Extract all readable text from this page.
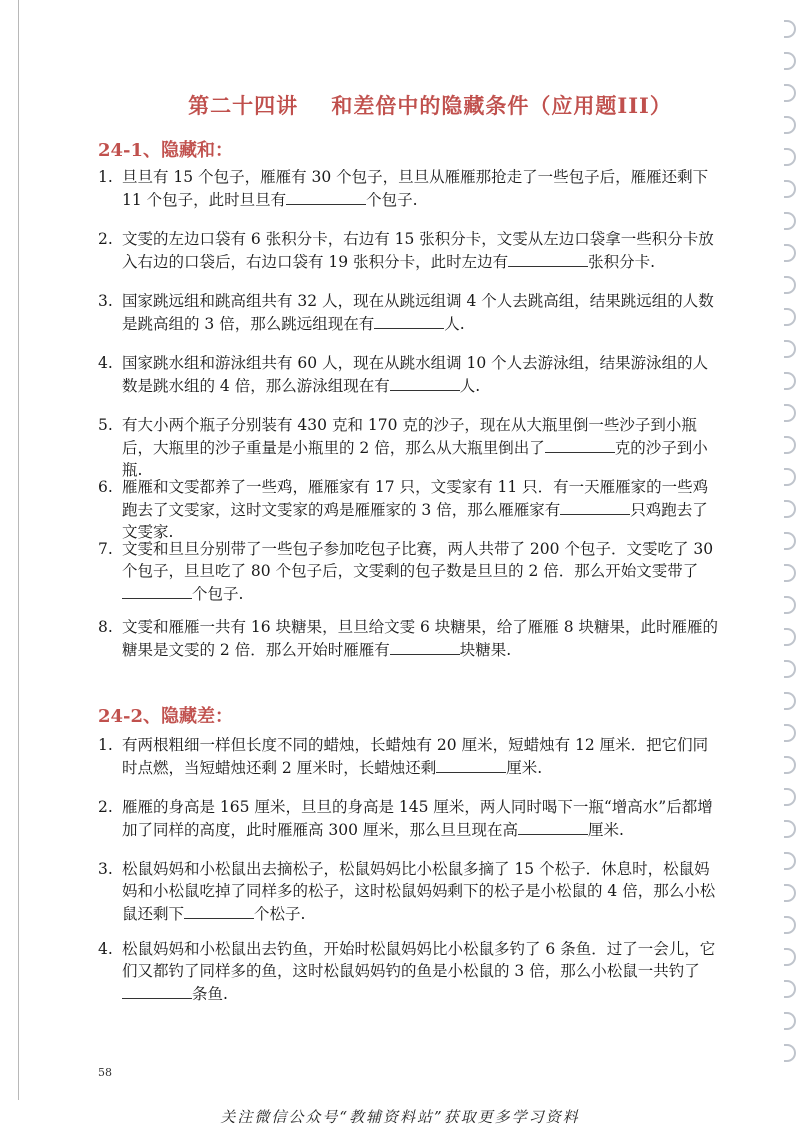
第二十四讲    和差倍中的隐藏条件（应用题III）
24-1、隐藏和：
1. 旦旦有 15 个包子，雁雁有 30 个包子，旦旦从雁雁那抢走了一些包子后，雁雁还剩下 11 个包子，此时旦旦有	个包子.
2. 文雯的左边口袋有 6 张积分卡，右边有 15 张积分卡，文雯从左边口袋拿一些积分卡放入右边的口袋后，右边口袋有 19 张积分卡，此时左边有	张积分卡.
3. 国家跳远组和跳高组共有 32 人，现在从跳远组调 4 个人去跳高组，结果跳远组的人数是跳高组的 3 倍，那么跳远组现在有	人.
4. 国家跳水组和游泳组共有 60 人，现在从跳水组调 10 个人去游泳组，结果游泳组的人数是跳水组的 4 倍，那么游泳组现在有	人.
5. 有大小两个瓶子分别装有 430 克和 170 克的沙子，现在从大瓶里倒一些沙子到小瓶后，大瓶里的沙子重量是小瓶里的 2 倍，那么从大瓶里倒出了	克的沙子到小瓶.
6. 雁雁和文雯都养了一些鸡，雁雁家有 17 只，文雯家有 11 只．有一天雁雁家的一些鸡跑去了文雯家，这时文雯家的鸡是雁雁家的 3 倍，那么雁雁家有	只鸡跑去了文雯家.
7. 文雯和旦旦分别带了一些包子参加吃包子比赛，两人共带了 200 个包子．文雯吃了 30 个包子，旦旦吃了 80 个包子后，文雯剩的包子数是旦旦的 2 倍．那么开始文雯带了个包子.
8. 文雯和雁雁一共有 16 块糖果，旦旦给文雯 6 块糖果，给了雁雁 8 块糖果，此时雁雁的糖果是文雯的 2 倍．那么开始时雁雁有	块糖果.
24-2、隐藏差：
1. 有两根粗细一样但长度不同的蜡烛，长蜡烛有 20 厘米，短蜡烛有 12 厘米．把它们同时点燃，当短蜡烛还剩 2 厘米时，长蜡烛还剩	厘米.
2. 雁雁的身高是 165 厘米，旦旦的身高是 145 厘米，两人同时喝下一瓶“增高水”后都增加了同样的高度，此时雁雁高 300 厘米，那么旦旦现在高	厘米.
3. 松鼠妈妈和小松鼠出去摘松子，松鼠妈妈比小松鼠多摘了 15 个松子．休息时，松鼠妈妈和小松鼠吃掉了同样多的松子，这时松鼠妈妈剩下的松子是小松鼠的 4 倍，那么小松鼠还剩下	个松子.
4. 松鼠妈妈和小松鼠出去钓鱼，开始时松鼠妈妈比小松鼠多钓了 6 条鱼．过了一会儿，它们又都钓了同样多的鱼，这时松鼠妈妈钓的鱼是小松鼠的 3 倍，那么小松鼠一共钓了条鱼.
58
关注微信公众号“教辅资料站”获取更多学习资料
